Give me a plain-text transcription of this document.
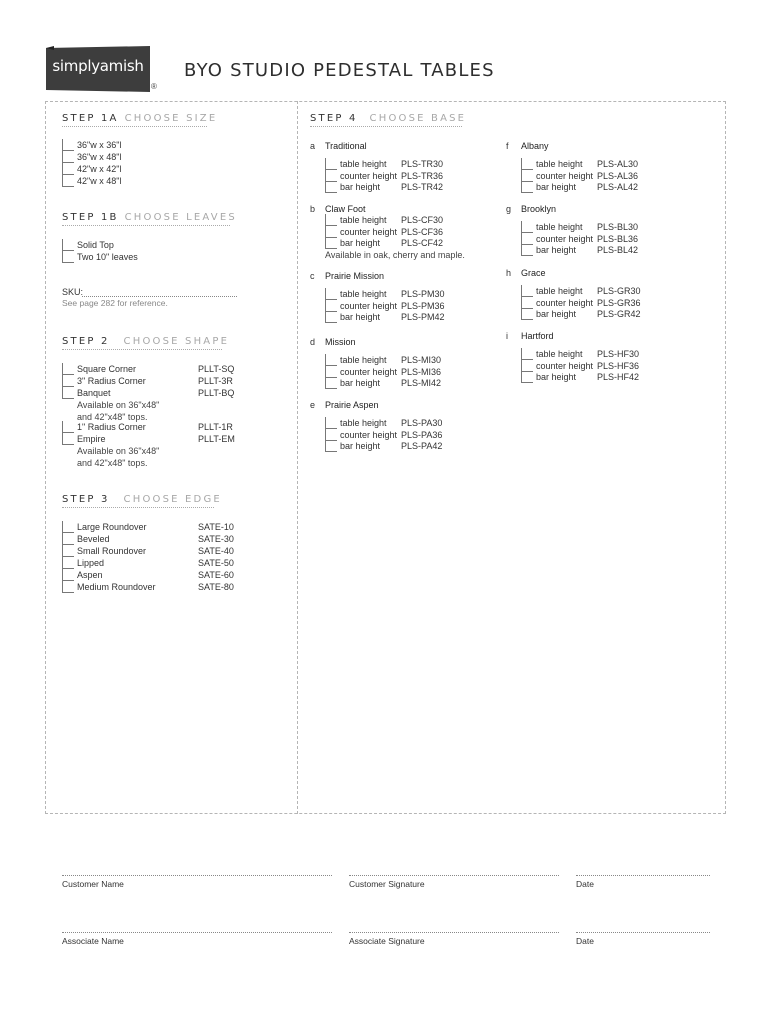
simplyamish
®
BYO STUDIO PEDESTAL TABLES
STEP 1A CHOOSE SIZE
36"w x 36"l
36"w x 48"l
42"w x 42"l
42"w x 48"l
STEP 1B CHOOSE LEAVES
Solid Top
Two 10" leaves
SKU:
See page 282 for reference.
STEP 2 CHOOSE SHAPE
Square Corner	PLLT-SQ
3" Radius Corner	PLLT-3R
Banquet	PLLT-BQ
Available on 36"x48"
and 42"x48" tops.
1" Radius Corner	PLLT-1R
Empire	PLLT-EM
Available on 36"x48"
and 42"x48" tops.
STEP 3 CHOOSE EDGE
Large Roundover	SATE-10
Beveled	SATE-30
Small Roundover	SATE-40
Lipped	SATE-50
Aspen	SATE-60
Medium Roundover	SATE-80
STEP 4 CHOOSE BASE
a Traditional
table height PLS-TR30
counter height PLS-TR36
bar height PLS-TR42
b Claw Foot
table height PLS-CF30
counter height PLS-CF36
bar height PLS-CF42
Available in oak, cherry and maple.
c Prairie Mission
table height PLS-PM30
counter height PLS-PM36
bar height PLS-PM42
d Mission
table height PLS-MI30
counter height PLS-MI36
bar height PLS-MI42
e Prairie Aspen
table height PLS-PA30
counter height PLS-PA36
bar height PLS-PA42
f Albany
table height PLS-AL30
counter height PLS-AL36
bar height PLS-AL42
g Brooklyn
table height PLS-BL30
counter height PLS-BL36
bar height PLS-BL42
h Grace
table height PLS-GR30
counter height PLS-GR36
bar height PLS-GR42
i Hartford
table height PLS-HF30
counter height PLS-HF36
bar height PLS-HF42
Customer Name	Customer Signature	Date
Associate Name	Associate Signature	Date
